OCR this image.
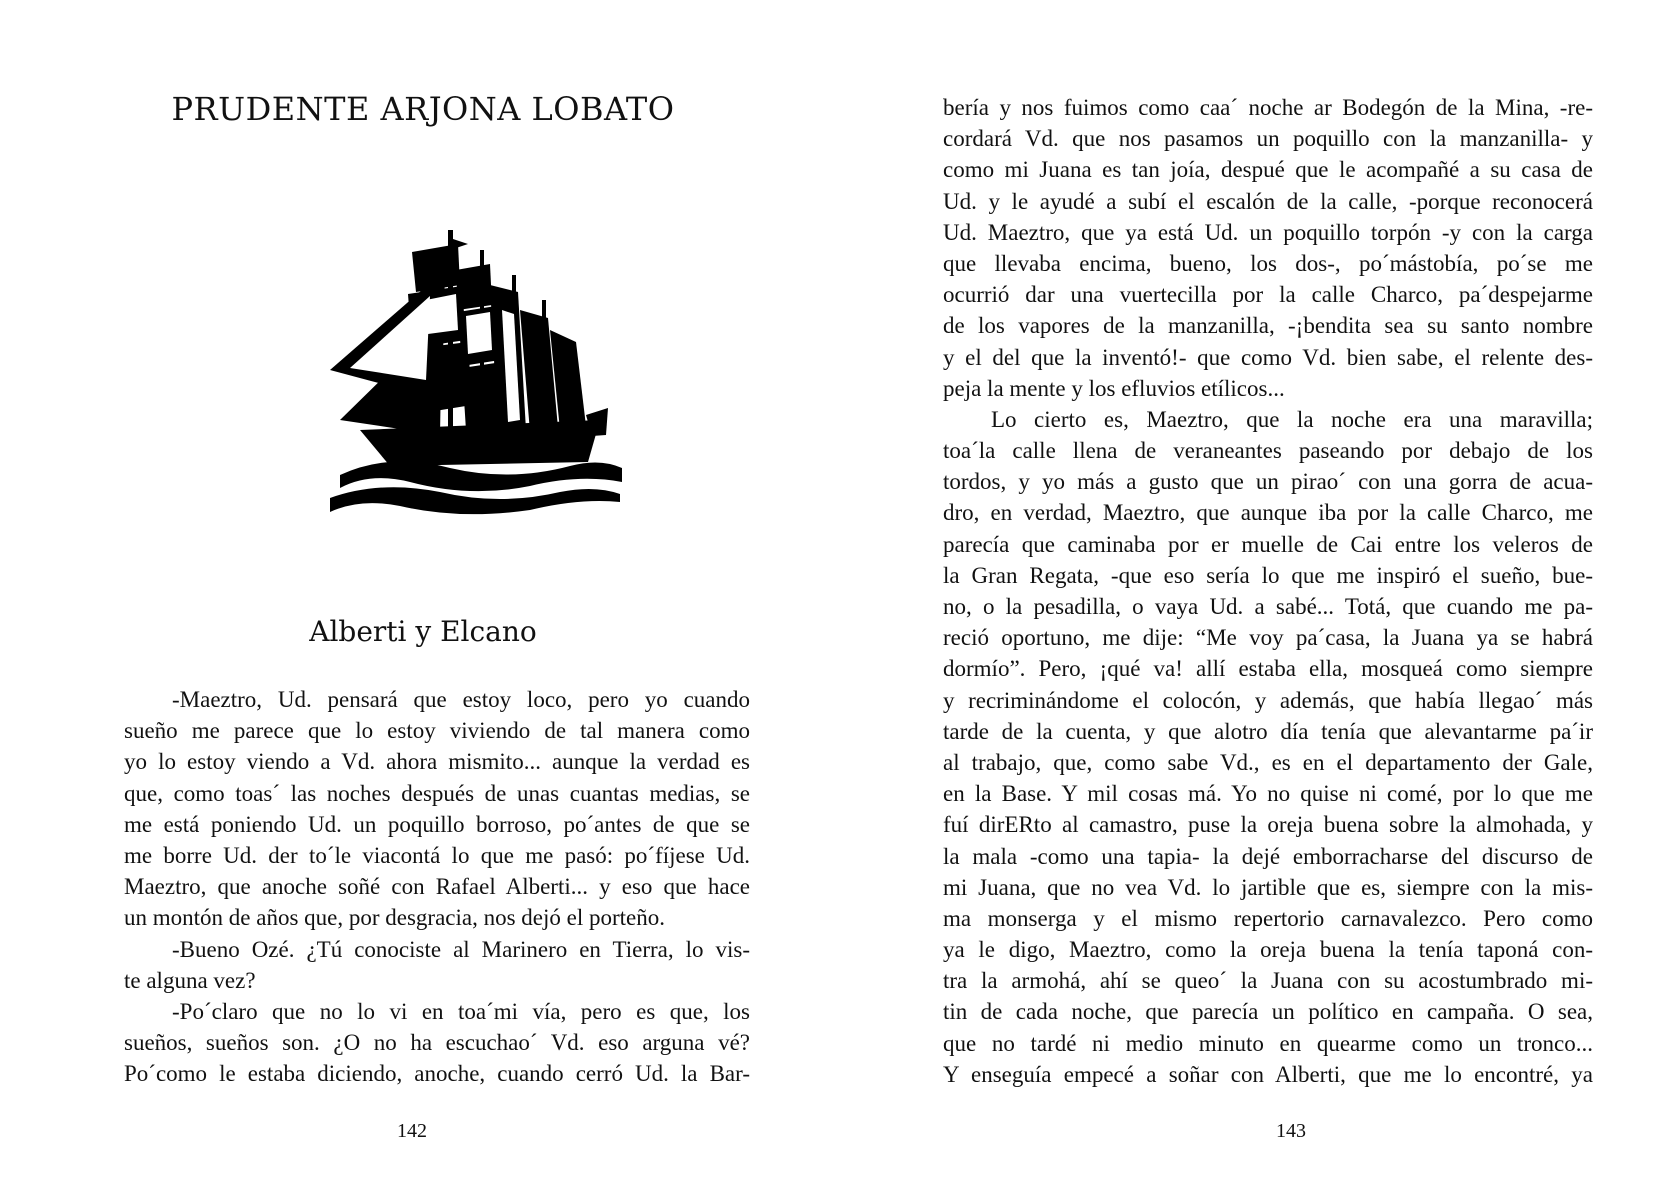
PRUDENTE ARJONA LOBATO
Alberti y Elcano
-Maeztro, Ud. pensará que estoy loco, pero yo cuando
sueño me parece que lo estoy viviendo de tal manera como
yo lo estoy viendo a Vd. ahora mismito... aunque la verdad es
que, como toas´ las noches después de unas cuantas medias, se
me está poniendo Ud. un poquillo borroso, po´antes de que se
me borre Ud. der to´le viacontá lo que me pasó: po´fíjese Ud.
Maeztro, que anoche soñé con Rafael Alberti... y eso que hace
un montón de años que, por desgracia, nos dejó el porteño.
-Bueno Ozé. ¿Tú conociste al Marinero en Tierra, lo vis-
te alguna vez?
-Po´claro que no lo vi en toa´mi vía, pero es que, los
sueños, sueños son. ¿O no ha escuchao´ Vd. eso arguna vé?
Po´como le estaba diciendo, anoche, cuando cerró Ud. la Bar-
142
bería y nos fuimos como caa´ noche ar Bodegón de la Mina, -re-
cordará Vd. que nos pasamos un poquillo con la manzanilla- y
como mi Juana es tan joía, despué que le acompañé a su casa de
Ud. y le ayudé a subí el escalón de la calle, -porque reconocerá
Ud. Maeztro, que ya está Ud. un poquillo torpón -y con la carga
que llevaba encima, bueno, los dos-, po´mástobía, po´se me
ocurrió dar una vuertecilla por la calle Charco, pa´despejarme
de los vapores de la manzanilla, -¡bendita sea su santo nombre
y el del que la inventó!- que como Vd. bien sabe, el relente des-
peja la mente y los efluvios etílicos...
Lo cierto es, Maeztro, que la noche era una maravilla;
toa´la calle llena de veraneantes paseando por debajo de los
tordos, y yo más a gusto que un pirao´ con una gorra de acua-
dro, en verdad, Maeztro, que aunque iba por la calle Charco, me
parecía que caminaba por er muelle de Cai entre los veleros de
la Gran Regata, -que eso sería lo que me inspiró el sueño, bue-
no, o la pesadilla, o vaya Ud. a sabé... Totá, que cuando me pa-
reció oportuno, me dije: “Me voy pa´casa, la Juana ya se habrá
dormío”. Pero, ¡qué va! allí estaba ella, mosqueá como siempre
y recriminándome el colocón, y además, que había llegao´ más
tarde de la cuenta, y que alotro día tenía que alevantarme pa´ir
al trabajo, que, como sabe Vd., es en el departamento der Gale,
en la Base. Y mil cosas má. Yo no quise ni comé, por lo que me
fuí dirERto al camastro, puse la oreja buena sobre la almohada, y
la mala -como una tapia- la dejé emborracharse del discurso de
mi Juana, que no vea Vd. lo jartible que es, siempre con la mis-
ma monserga y el mismo repertorio carnavalezco. Pero como
ya le digo, Maeztro, como la oreja buena la tenía taponá con-
tra la armohá, ahí se queo´ la Juana con su acostumbrado mi-
tin de cada noche, que parecía un político en campaña. O sea,
que no tardé ni medio minuto en quearme como un tronco...
Y enseguía empecé a soñar con Alberti, que me lo encontré, ya
143
